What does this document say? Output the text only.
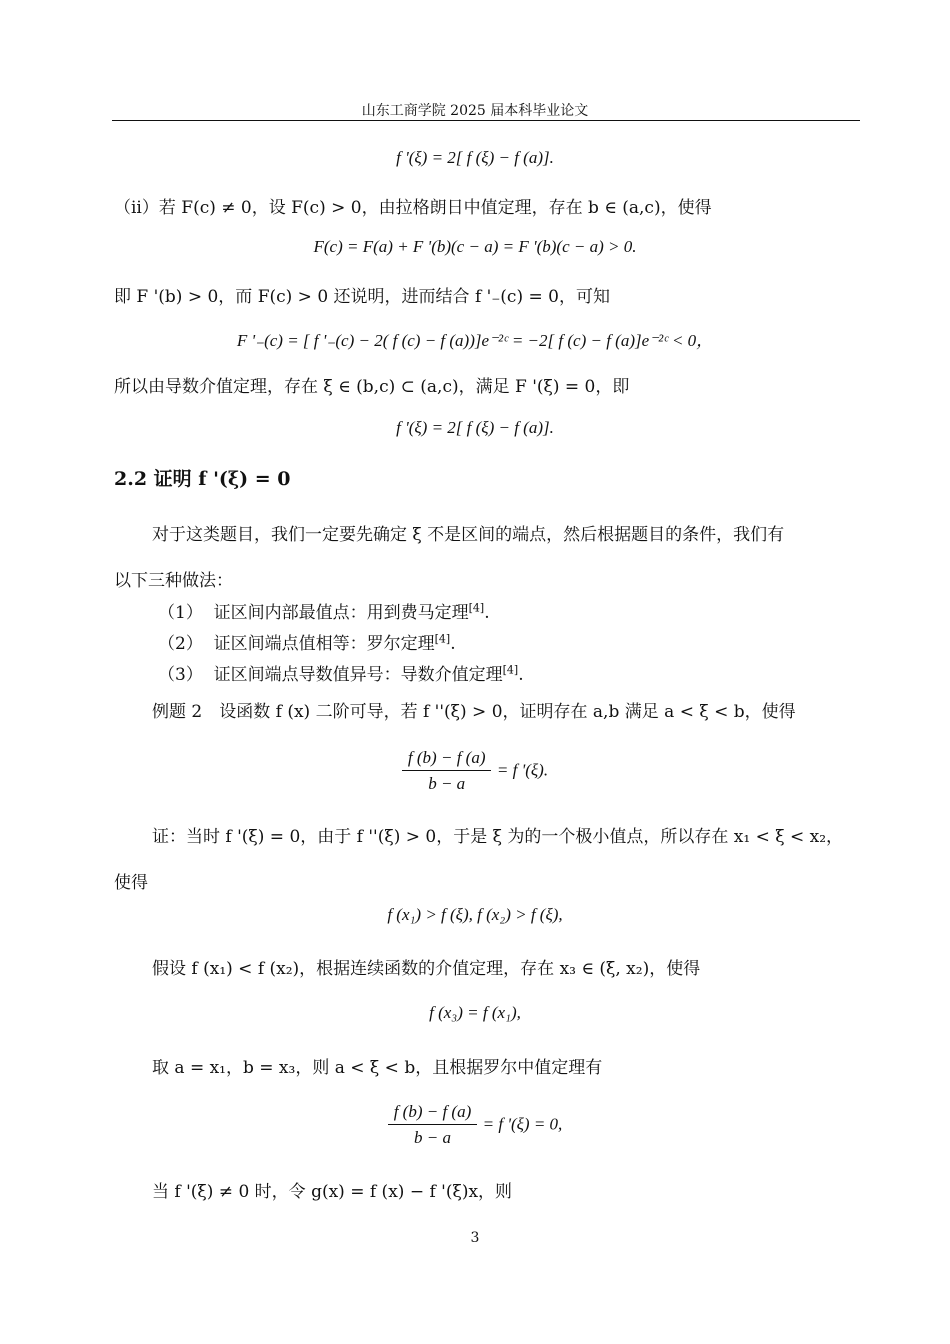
山东工商学院 2025 届本科毕业论文
f '(ξ) = 2[ f (ξ) − f (a)].
（ii）若 F(c) ≠ 0，设 F(c) > 0，由拉格朗日中值定理，存在 b ∈ (a,c)，使得
F(c) = F(a) + F '(b)(c − a) = F '(b)(c − a) > 0.
即 F '(b) > 0，而 F(c) > 0 还说明，进而结合 f '₋(c) = 0，可知
F '₋(c) = [ f '₋(c) − 2( f (c) − f (a))]e⁻²ᶜ = −2[ f (c) − f (a)]e⁻²ᶜ < 0，
所以由导数介值定理，存在 ξ ∈ (b,c) ⊂ (a,c)，满足 F '(ξ) = 0，即
f '(ξ) = 2[ f (ξ) − f (a)].
2.2 证明 f '(ξ) = 0
对于这类题目，我们一定要先确定 ξ 不是区间的端点，然后根据题目的条件，我们有
以下三种做法：
（1） 证区间内部最值点：用到费马定理[4].
（2） 证区间端点值相等：罗尔定理[4].
（3） 证区间端点导数值异号：导数介值定理[4].
例题 2　设函数 f (x) 二阶可导，若 f ''(ξ) > 0，证明存在 a,b 满足 a < ξ < b，使得
$\frac{f (b) - f (a)}{b - a} = f$ '(ξ).
证：当时 f '(ξ) = 0，由于 f ''(ξ) > 0，于是 ξ 为的一个极小值点，所以存在 x₁ < ξ < x₂，
使得
f (x₁) > f (ξ), f (x₂) > f (ξ),
假设 f (x₁) < f (x₂)，根据连续函数的介值定理，存在 x₃ ∈ (ξ, x₂)，使得
f (x₃) = f (x₁),
取 a = x₁，b = x₃，则 a < ξ < b，且根据罗尔中值定理有
$\frac{f (b) - f (a)}{b - a} = f$ '(ξ) = 0,
当 f '(ξ) ≠ 0 时，令 g(x) = f (x) − f '(ξ)x，则
3
